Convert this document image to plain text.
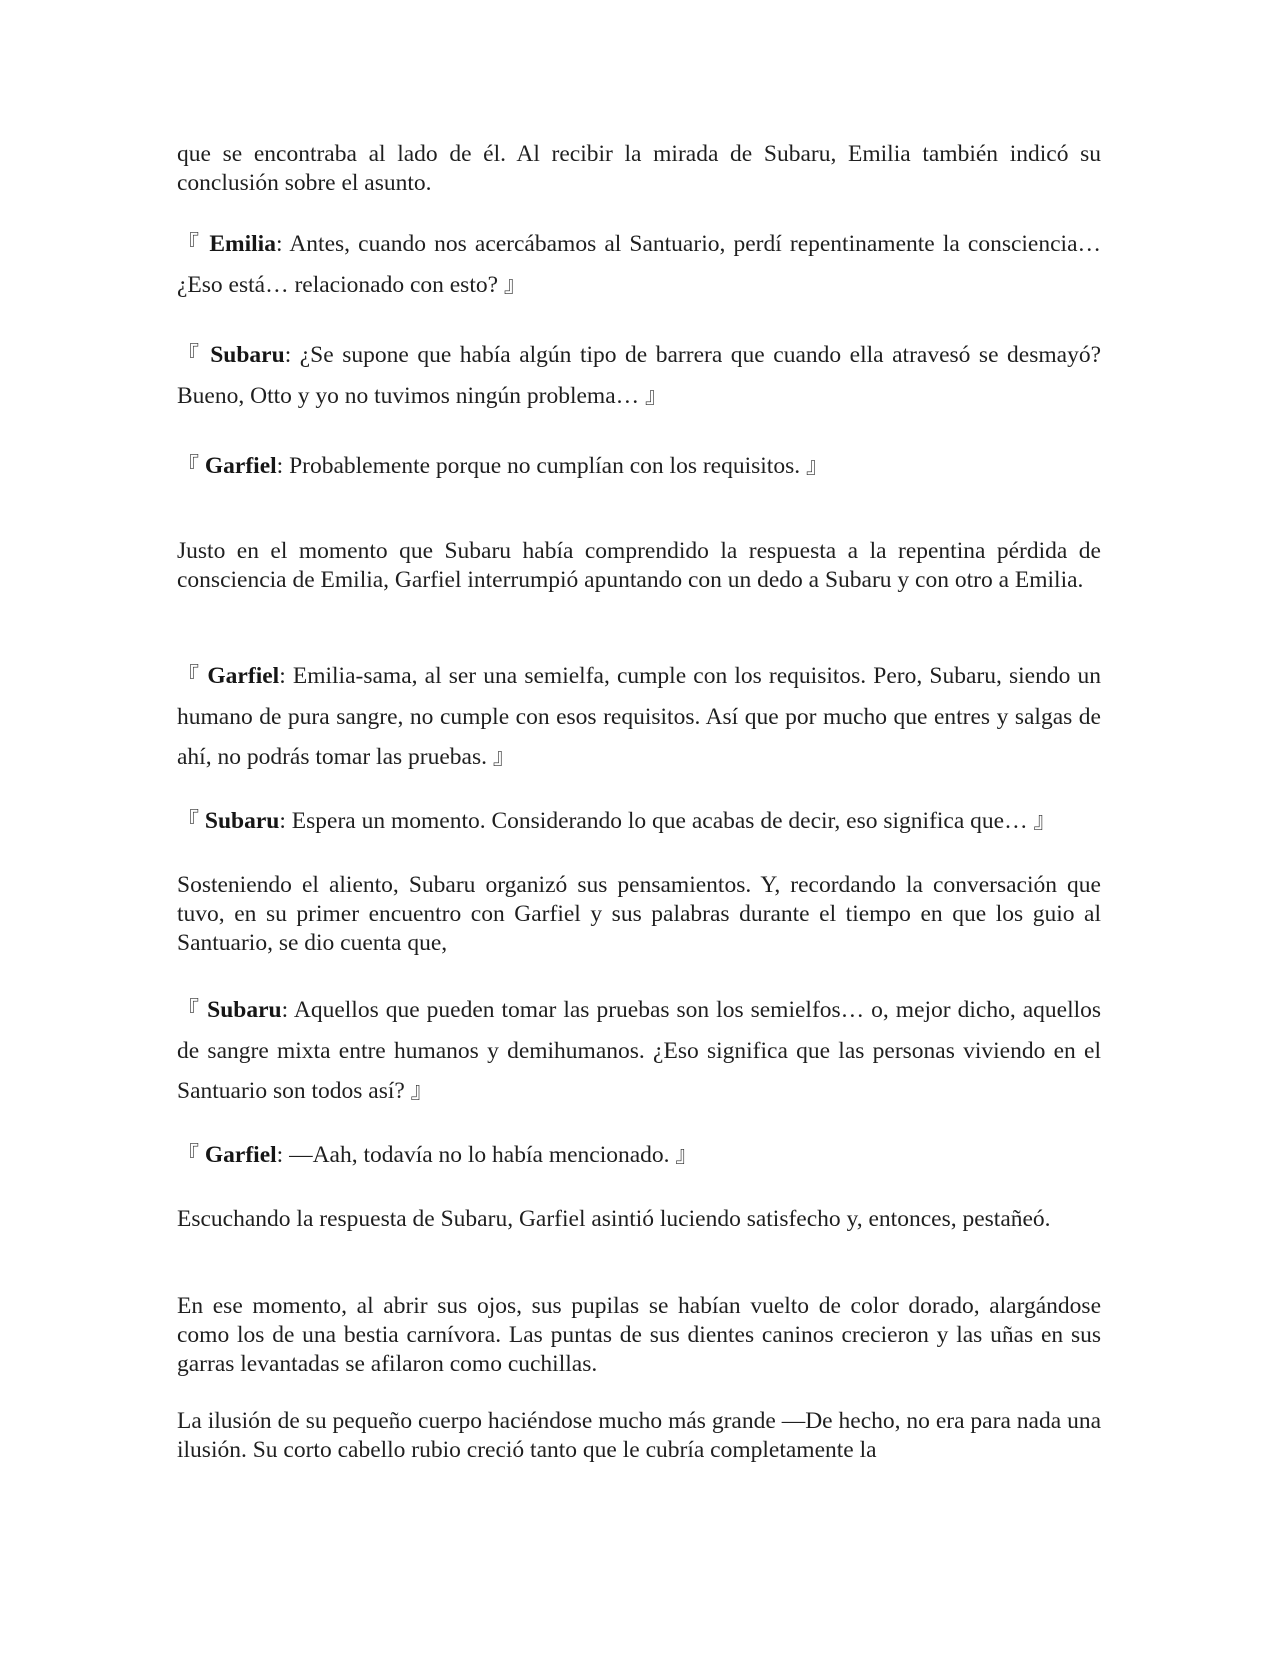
que se encontraba al lado de él. Al recibir la mirada de Subaru, Emilia también indicó su conclusión sobre el asunto.

『 Emilia: Antes, cuando nos acercábamos al Santuario, perdí repentinamente la consciencia… ¿Eso está… relacionado con esto? 』

『 Subaru: ¿Se supone que había algún tipo de barrera que cuando ella atravesó se desmayó? Bueno, Otto y yo no tuvimos ningún problema… 』

『 Garfiel: Probablemente porque no cumplían con los requisitos. 』

Justo en el momento que Subaru había comprendido la respuesta a la repentina pérdida de consciencia de Emilia, Garfiel interrumpió apuntando con un dedo a Subaru y con otro a Emilia.

『 Garfiel: Emilia-sama, al ser una semielfa, cumple con los requisitos. Pero, Subaru, siendo un humano de pura sangre, no cumple con esos requisitos. Así que por mucho que entres y salgas de ahí, no podrás tomar las pruebas. 』

『 Subaru: Espera un momento. Considerando lo que acabas de decir, eso significa que… 』

Sosteniendo el aliento, Subaru organizó sus pensamientos. Y, recordando la conversación que tuvo, en su primer encuentro con Garfiel y sus palabras durante el tiempo en que los guio al Santuario, se dio cuenta que,

『 Subaru: Aquellos que pueden tomar las pruebas son los semielfos… o, mejor dicho, aquellos de sangre mixta entre humanos y demihumanos. ¿Eso significa que las personas viviendo en el Santuario son todos así? 』

『 Garfiel: —Aah, todavía no lo había mencionado. 』

Escuchando la respuesta de Subaru, Garfiel asintió luciendo satisfecho y, entonces, pestañeó.

En ese momento, al abrir sus ojos, sus pupilas se habían vuelto de color dorado, alargándose como los de una bestia carnívora. Las puntas de sus dientes caninos crecieron y las uñas en sus garras levantadas se afilaron como cuchillas.

La ilusión de su pequeño cuerpo haciéndose mucho más grande —De hecho, no era para nada una ilusión. Su corto cabello rubio creció tanto que le cubría completamente la
